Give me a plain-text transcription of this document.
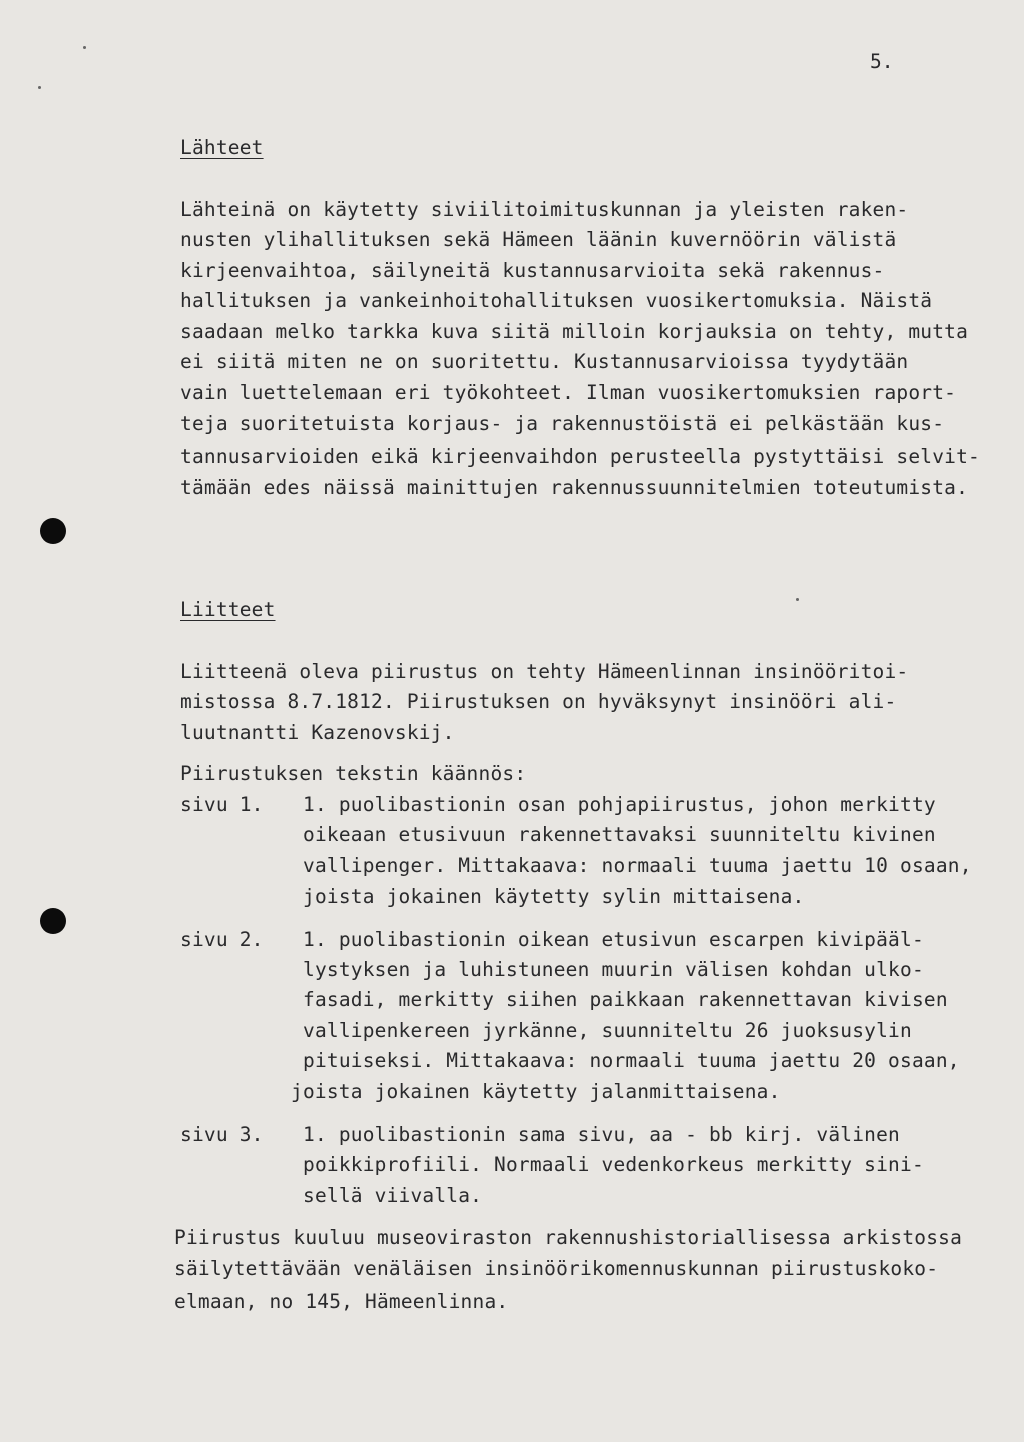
5.
Lähteet
Lähteinä on käytetty siviilitoimituskunnan ja yleisten raken-
nusten ylihallituksen sekä Hämeen läänin kuvernöörin välistä
kirjeenvaihtoa, säilyneitä kustannusarvioita sekä rakennus-
hallituksen ja vankeinhoitohallituksen vuosikertomuksia. Näistä
saadaan melko tarkka kuva siitä milloin korjauksia on tehty, mutta
ei siitä miten ne on suoritettu. Kustannusarvioissa tyydytään
vain luettelemaan eri työkohteet. Ilman vuosikertomuksien raport-
teja suoritetuista korjaus- ja rakennustöistä ei pelkästään kus-
tannusarvioiden eikä kirjeenvaihdon perusteella pystyttäisi selvit-
tämään edes näissä mainittujen rakennussuunnitelmien toteutumista.
Liitteet
Liitteenä oleva piirustus on tehty Hämeenlinnan insinööritoi-
mistossa 8.7.1812. Piirustuksen on hyväksynyt insinööri ali-
luutnantti Kazenovskij.
Piirustuksen tekstin käännös:
sivu 1. 1. puolibastionin osan pohjapiirustus, johon merkitty
oikeaan etusivuun rakennettavaksi suunniteltu kivinen
vallipenger. Mittakaava: normaali tuuma jaettu 10 osaan,
joista jokainen käytetty sylin mittaisena.
sivu 2. 1. puolibastionin oikean etusivun escarpen kivipääl-
lystyksen ja luhistuneen muurin välisen kohdan ulko-
fasadi, merkitty siihen paikkaan rakennettavan kivisen
vallipenkereen jyrkänne, suunniteltu 26 juoksusylin
pituiseksi. Mittakaava: normaali tuuma jaettu 20 osaan,
joista jokainen käytetty jalanmittaisena.
sivu 3. 1. puolibastionin sama sivu, aa - bb kirj. välinen
poikkiprofiili. Normaali vedenkorkeus merkitty sini-
sellä viivalla.
Piirustus kuuluu museoviraston rakennushistoriallisessa arkistossa
säilytettävään venäläisen insinöörikomennuskunnan piirustuskoko-
elmaan, no 145, Hämeenlinna.
